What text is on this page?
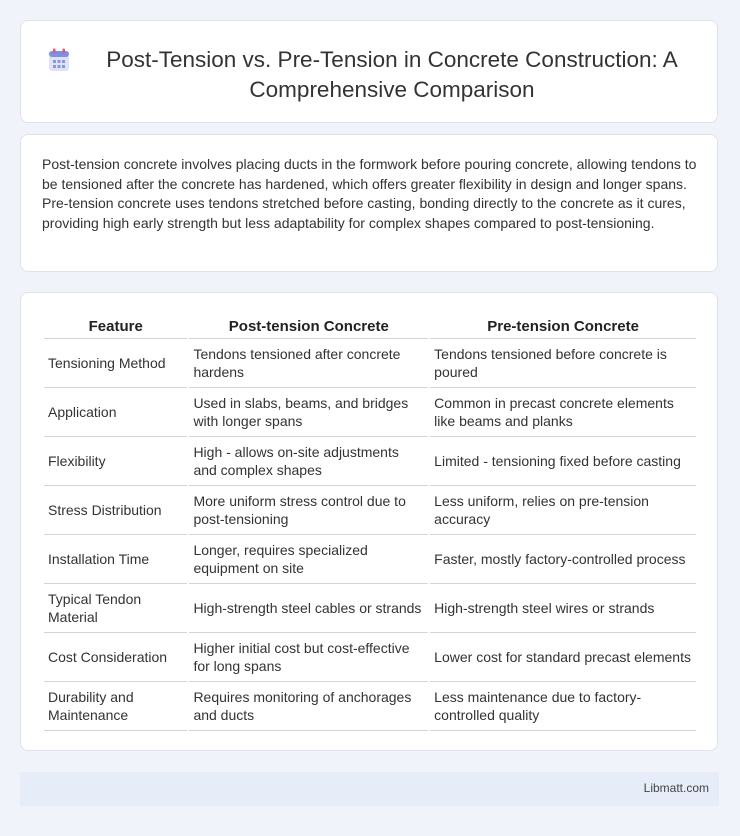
Post-Tension vs. Pre-Tension in Concrete Construction: A Comprehensive Comparison

Post-tension concrete involves placing ducts in the formwork before pouring concrete, allowing tendons to be tensioned after the concrete has hardened, which offers greater flexibility in design and longer spans. Pre-tension concrete uses tendons stretched before casting, bonding directly to the concrete as it cures, providing high early strength but less adaptability for complex shapes compared to post-tensioning.

Feature	Post-tension Concrete	Pre-tension Concrete
Tensioning Method	Tendons tensioned after concrete hardens	Tendons tensioned before concrete is poured
Application	Used in slabs, beams, and bridges with longer spans	Common in precast concrete elements like beams and planks
Flexibility	High - allows on-site adjustments and complex shapes	Limited - tensioning fixed before casting
Stress Distribution	More uniform stress control due to post-tensioning	Less uniform, relies on pre-tension accuracy
Installation Time	Longer, requires specialized equipment on site	Faster, mostly factory-controlled process
Typical Tendon Material	High-strength steel cables or strands	High-strength steel wires or strands
Cost Consideration	Higher initial cost but cost-effective for long spans	Lower cost for standard precast elements
Durability and Maintenance	Requires monitoring of anchorages and ducts	Less maintenance due to factory-controlled quality
Libmatt.com
